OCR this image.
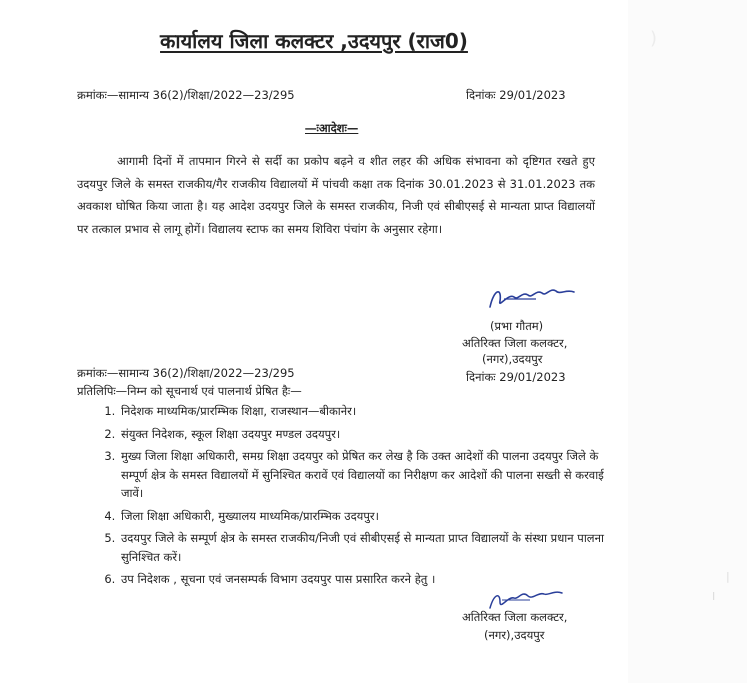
कार्यालय जिला कलक्टर ,उदयपुर (राज0)
क्रमांकः—सामान्य 36(2)/शिक्षा/2022—23/295	दिनांकः 29/01/2023
—ःआदेशः—
आगामी दिनों में तापमान गिरने से सर्दी का प्रकोप बढ़ने व शीत लहर की अधिक संभावना को दृष्टिगत रखते हुए उदयपुर जिले के समस्त राजकीय/गैर राजकीय विद्यालयों में पांचवी कक्षा तक दिनांक 30.01.2023 से 31.01.2023 तक अवकाश घोषित किया जाता है। यह आदेश उदयपुर जिले के समस्त राजकीय, निजी एवं सीबीएसई से मान्यता प्राप्त विद्यालयों पर तत्काल प्रभाव से लागू होगें। विद्यालय स्टाफ का समय शिविरा पंचांग के अनुसार रहेगा।
(प्रभा गौतम)
अतिरिक्त जिला कलक्टर,
(नगर),उदयपुर
क्रमांकः—सामान्य 36(2)/शिक्षा/2022—23/295	दिनांकः 29/01/2023
प्रतिलिपिः—निम्न को सूचनार्थ एवं पालनार्थ प्रेषित हैः—
1. निदेशक माध्यमिक/प्रारम्भिक शिक्षा, राजस्थान—बीकानेर।
2. संयुक्त निदेशक, स्कूल शिक्षा उदयपुर मण्डल उदयपुर।
3. मुख्य जिला शिक्षा अधिकारी, समग्र शिक्षा उदयपुर को प्रेषित कर लेख है कि उक्त आदेशों की पालना उदयपुर जिले के सम्पूर्ण क्षेत्र के समस्त विद्यालयों में सुनिश्चित करावें एवं विद्यालयों का निरीक्षण कर आदेशों की पालना सख्ती से करवाई जावें।
4. जिला शिक्षा अधिकारी, मुख्यालय माध्यमिक/प्रारम्भिक उदयपुर।
5. उदयपुर जिले के सम्पूर्ण क्षेत्र के समस्त राजकीय/निजी एवं सीबीएसई से मान्यता प्राप्त विद्यालयों के संस्था प्रधान पालना सुनिश्चित करें।
6. उप निदेशक , सूचना एवं जनसम्पर्क विभाग उदयपुर पास प्रसारित करने हेतु ।
अतिरिक्त जिला कलक्टर,
(नगर),उदयपुर
)
|
I
